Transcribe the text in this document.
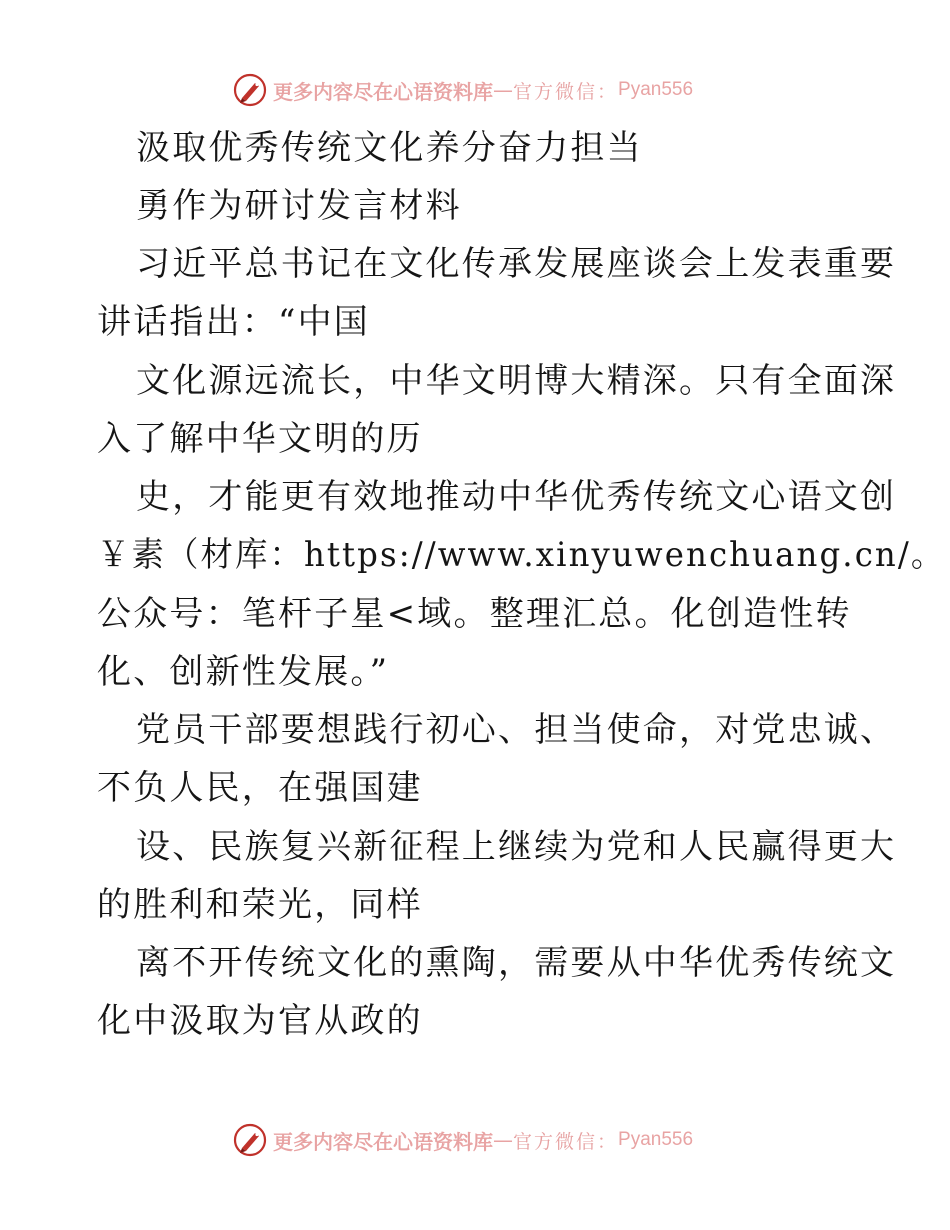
更多内容尽在心语资料库 — 官方微信： Pyan556
汲取优秀传统文化养分奋力担当
勇作为研讨发言材料
习近平总书记在文化传承发展座谈会上发表重要
讲话指出：“中国
文化源远流长，中华文明博大精深。只有全面深
入了解中华文明的历
史，才能更有效地推动中华优秀传统文心语文创
￥素（材库：https://www.xinyuwenchuang.cn/。
公众号：笔杆子星<域。整理汇总。化创造性转
化、创新性发展。”
党员干部要想践行初心、担当使命，对党忠诚、
不负人民，在强国建
设、民族复兴新征程上继续为党和人民赢得更大
的胜利和荣光，同样
离不开传统文化的熏陶，需要从中华优秀传统文
化中汲取为官从政的
更多内容尽在心语资料库 — 官方微信： Pyan556
